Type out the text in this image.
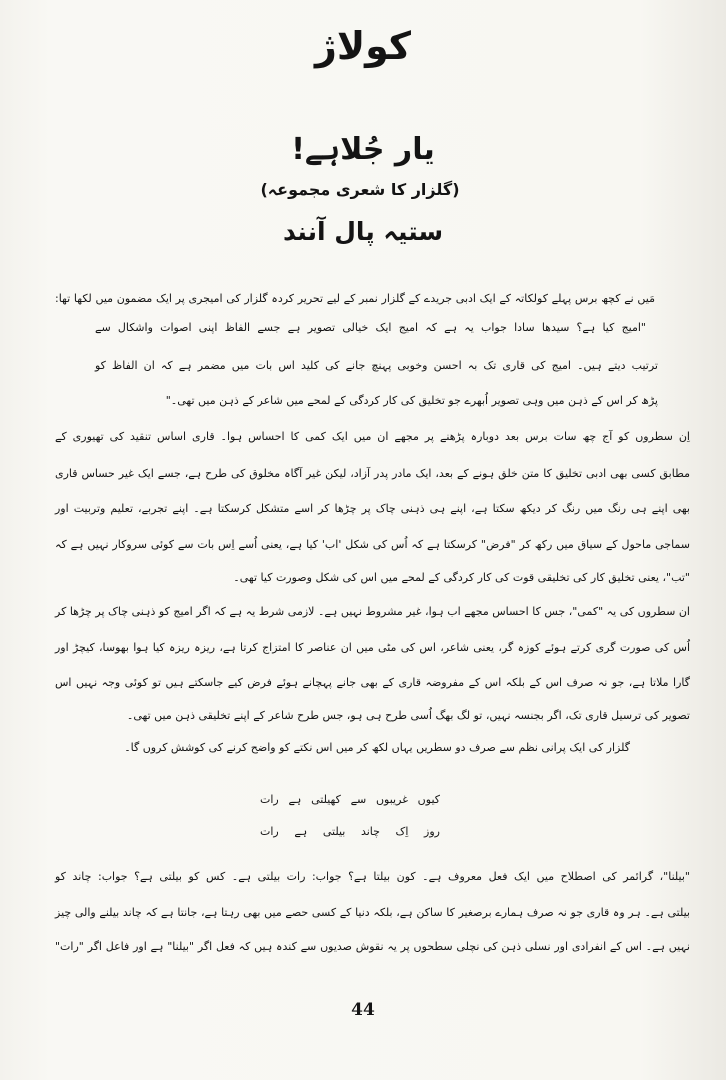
کولاژ
یار جُلاہے!
(گلزار کا شعری مجموعہ)
ستیہ پال آنند
مَیں نے کچھ برس پہلے کولکاتہ کے ایک ادبی جریدے کے گلزار نمبر کے لیے تحریر کردہ گلزار کی امیجری پر ایک مضمون میں لکھا تھا:
"امیج کیا ہے؟ سیدھا سادا جواب یہ ہے کہ امیج ایک خیالی تصویر ہے جسے الفاظ اپنی اصوات واشکال سے
ترتیب دیتے ہیں۔ امیج کی قاری تک بہ احسن وخوبی پہنچ جانے کی کلید اس بات میں مضمر ہے کہ ان الفاظ کو
پڑھ کر اس کے ذہن میں وہی تصویر اُبھرے جو تخلیق کی کار کردگی کے لمحے میں شاعر کے ذہن میں تھی۔"
اِن سطروں کو آج چھ سات برس بعد دوبارہ پڑھنے پر مجھے ان میں ایک کمی کا احساس ہوا۔ قاری اساس تنقید کی تھیوری کے
مطابق کسی بھی ادبی تخلیق کا متن خلق ہونے کے بعد، ایک مادر پدر آزاد، لیکن غیر آگاہ مخلوق کی طرح ہے، جسے ایک غیر حساس قاری
بھی اپنے ہی رنگ میں رنگ کر دیکھ سکتا ہے، اپنے ہی ذہنی چاک پر چڑھا کر اسے متشکل کرسکتا ہے۔ اپنے تجربے، تعلیم وتربیت اور
سماجی ماحول کے سیاق میں رکھ کر "فرض" کرسکتا ہے کہ اُس کی شکل 'اب' کیا ہے، یعنی اُسے اِس بات سے کوئی سروکار نہیں ہے کہ
"تب"، یعنی تخلیق کار کی تخلیقی قوت کی کار کردگی کے لمحے میں اس کی شکل وصورت کیا تھی۔
ان سطروں کی یہ "کمی"، جس کا احساس مجھے اب ہوا، غیر مشروط نہیں ہے۔ لازمی شرط یہ ہے کہ اگر امیج کو ذہنی چاک پر چڑھا کر
اُس کی صورت گری کرتے ہوئے کوزہ گر، یعنی شاعر، اس کی مٹی میں ان عناصر کا امتزاج کرتا ہے، ریزہ ریزہ کیا ہوا بھوسا، کیچڑ اور
گارا ملاتا ہے، جو نہ صرف اس کے بلکہ اس کے مفروضہ قاری کے بھی جانے پہچانے ہوئے فرض کیے جاسکتے ہیں تو کوئی وجہ نہیں اس
تصویر کی ترسیل قاری تک، اگر بجنسہ نہیں، تو لگ بھگ اُسی طرح ہی ہو، جس طرح شاعر کے اپنے تخلیقی ذہن میں تھی۔
گلزار کی ایک پرانی نظم سے صرف دو سطریں یہاں لکھ کر میں اس نکتے کو واضح کرنے کی کوشش کروں گا۔
کیوں غریبوں سے کھیلتی ہے رات
روز اِک چاند بیلتی ہے رات
"بیلنا"، گرائمر کی اصطلاح میں ایک فعل معروف ہے۔ کون بیلتا ہے؟ جواب: رات بیلتی ہے۔ کس کو بیلتی ہے؟ جواب: چاند کو
بیلتی ہے۔ ہر وہ قاری جو نہ صرف ہمارے برصغیر کا ساکن ہے، بلکہ دنیا کے کسی حصے میں بھی رہتا ہے، جانتا ہے کہ چاند بیلنے والی چیز
نہیں ہے۔ اس کے انفرادی اور نسلی ذہن کی نچلی سطحوں پر یہ نقوش صدیوں سے کندہ ہیں کہ فعل اگر "بیلنا" ہے اور فاعل اگر "رات"
44
